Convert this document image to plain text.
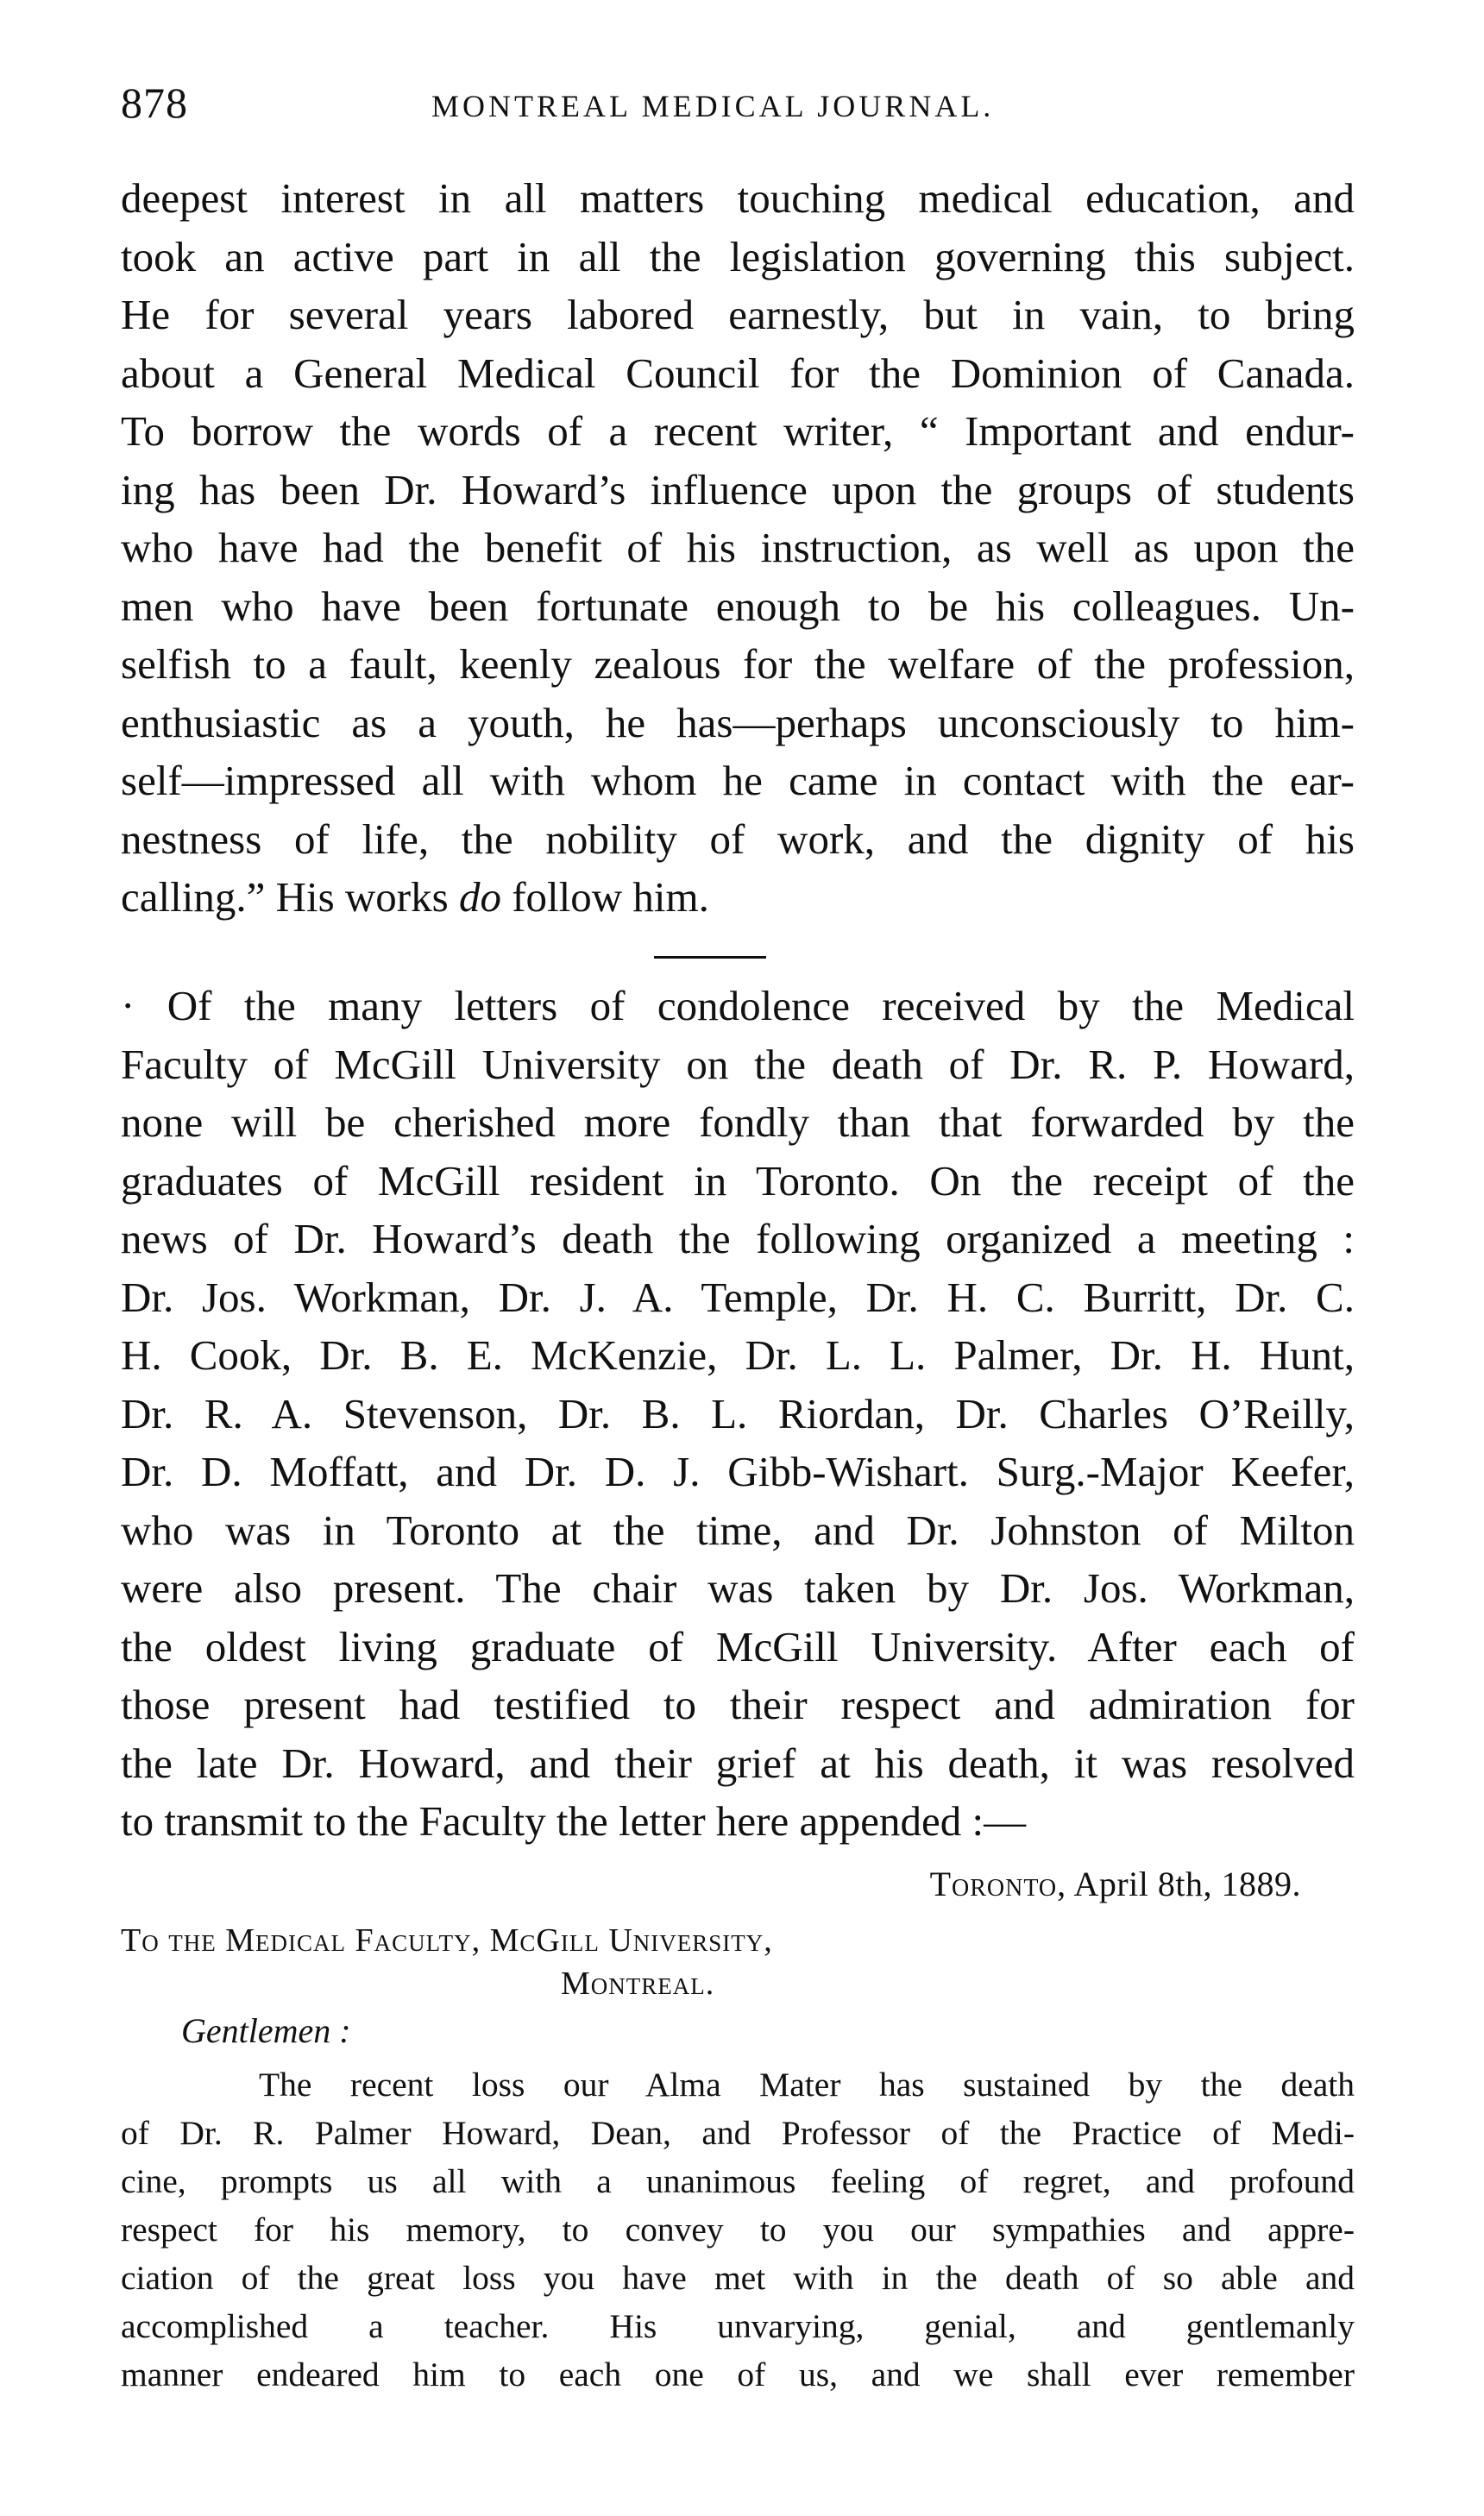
878	MONTREAL MEDICAL JOURNAL.
deepest interest in all matters touching medical education, and
took an active part in all the legislation governing this subject.
He for several years labored earnestly, but in vain, to bring
about a General Medical Council for the Dominion of Canada.
To borrow the words of a recent writer, “ Important and endur-
ing has been Dr. Howard’s influence upon the groups of students
who have had the benefit of his instruction, as well as upon the
men who have been fortunate enough to be his colleagues. Un-
selfish to a fault, keenly zealous for the welfare of the profession,
enthusiastic as a youth, he has—perhaps unconsciously to him-
self—impressed all with whom he came in contact with the ear-
nestness of life, the nobility of work, and the dignity of his
calling.” His works do follow him.
· Of the many letters of condolence received by the Medical
Faculty of McGill University on the death of Dr. R. P. Howard,
none will be cherished more fondly than that forwarded by the
graduates of McGill resident in Toronto. On the receipt of the
news of Dr. Howard’s death the following organized a meeting :
Dr. Jos. Workman, Dr. J. A. Temple, Dr. H. C. Burritt, Dr. C.
H. Cook, Dr. B. E. McKenzie, Dr. L. L. Palmer, Dr. H. Hunt,
Dr. R. A. Stevenson, Dr. B. L. Riordan, Dr. Charles O’Reilly,
Dr. D. Moffatt, and Dr. D. J. Gibb-Wishart. Surg.-Major Keefer,
who was in Toronto at the time, and Dr. Johnston of Milton
were also present. The chair was taken by Dr. Jos. Workman,
the oldest living graduate of McGill University. After each of
those present had testified to their respect and admiration for
the late Dr. Howard, and their grief at his death, it was resolved
to transmit to the Faculty the letter here appended :—
Toronto, April 8th, 1889.
To the Medical Faculty, McGill University,
Montreal.
Gentlemen :
The recent loss our Alma Mater has sustained by the death
of Dr. R. Palmer Howard, Dean, and Professor of the Practice of Medi-
cine, prompts us all with a unanimous feeling of regret, and profound
respect for his memory, to convey to you our sympathies and appre-
ciation of the great loss you have met with in the death of so able and
accomplished a teacher. His unvarying, genial, and gentlemanly
manner endeared him to each one of us, and we shall ever remember
